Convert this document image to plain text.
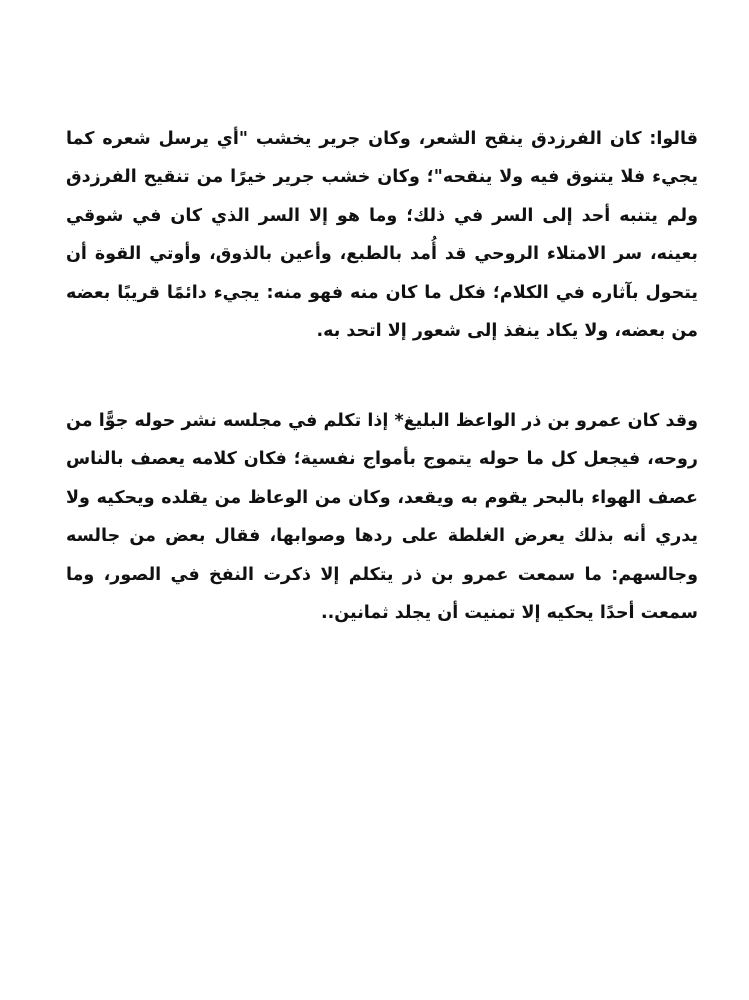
قالوا: كان الفرزدق ينقح الشعر، وكان جرير يخشب "أي يرسل شعره كما يجيء فلا يتنوق فيه ولا ينقحه"؛ وكان خشب جرير خيرًا من تنقيح الفرزدق ولم يتنبه أحد إلى السر في ذلك؛ وما هو إلا السر الذي كان في شوقي بعينه، سر الامتلاء الروحي قد أُمد بالطبع، وأعين بالذوق، وأوتي القوة أن يتحول بآثاره في الكلام؛ فكل ما كان منه فهو منه: يجيء دائمًا قريبًا بعضه من بعضه، ولا يكاد ينفذ إلى شعور إلا اتحد به.

وقد كان عمرو بن ذر الواعظ البليغ* إذا تكلم في مجلسه نشر حوله جوًّا من روحه، فيجعل كل ما حوله يتموج بأمواج نفسية؛ فكان كلامه يعصف بالناس عصف الهواء بالبحر يقوم به ويقعد، وكان من الوعاظ من يقلده ويحكيه ولا يدري أنه بذلك يعرض الغلطة على ردها وصوابها، فقال بعض من جالسه وجالسهم: ما سمعت عمرو بن ذر يتكلم إلا ذكرت النفخ في الصور، وما سمعت أحدًا يحكيه إلا تمنيت أن يجلد ثمانين..
